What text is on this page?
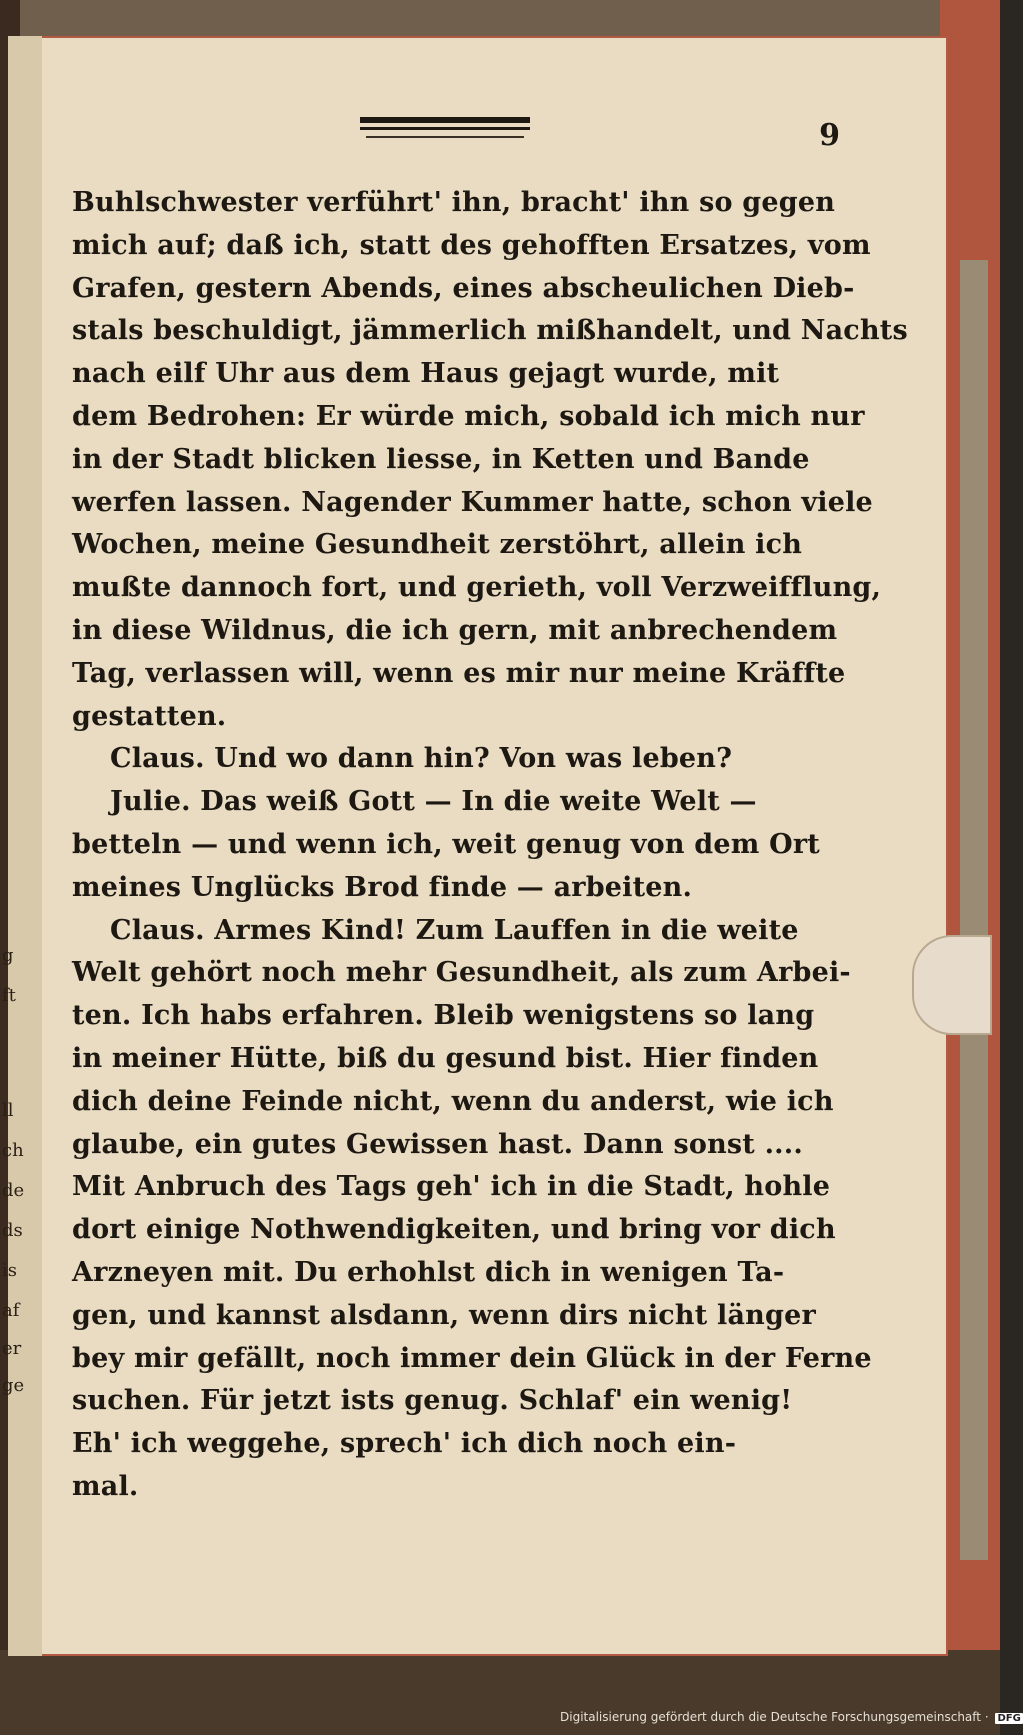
g
ft
ll
ch
de
ds
is
af
er
ge
9
Buhlschwester verführt' ihn, bracht' ihn so gegen
mich auf; daß ich, statt des gehofften Ersatzes, vom
Grafen, gestern Abends, eines abscheulichen Dieb-
stals beschuldigt, jämmerlich mißhandelt, und Nachts
nach eilf Uhr aus dem Haus gejagt wurde, mit
dem Bedrohen: Er würde mich, sobald ich mich nur
in der Stadt blicken liesse, in Ketten und Bande
werfen lassen. Nagender Kummer hatte, schon viele
Wochen, meine Gesundheit zerstöhrt, allein ich
mußte dannoch fort, und gerieth, voll Verzweifflung,
in diese Wildnus, die ich gern, mit anbrechendem
Tag, verlassen will, wenn es mir nur meine Kräffte
gestatten.
Claus. Und wo dann hin? Von was leben?
Julie. Das weiß Gott — In die weite Welt —
betteln — und wenn ich, weit genug von dem Ort
meines Unglücks Brod finde — arbeiten.
Claus. Armes Kind! Zum Lauffen in die weite
Welt gehört noch mehr Gesundheit, als zum Arbei-
ten. Ich habs erfahren. Bleib wenigstens so lang
in meiner Hütte, biß du gesund bist. Hier finden
dich deine Feinde nicht, wenn du anderst, wie ich
glaube, ein gutes Gewissen hast. Dann sonst ....
Mit Anbruch des Tags geh' ich in die Stadt, hohle
dort einige Nothwendigkeiten, und bring vor dich
Arzneyen mit. Du erhohlst dich in wenigen Ta-
gen, und kannst alsdann, wenn dirs nicht länger
bey mir gefällt, noch immer dein Glück in der Ferne
suchen. Für jetzt ists genug. Schlaf' ein wenig!
Eh' ich weggehe, sprech' ich dich noch ein-
mal.
Digitalisierung gefördert durch die Deutsche Forschungsgemeinschaft · DFG
